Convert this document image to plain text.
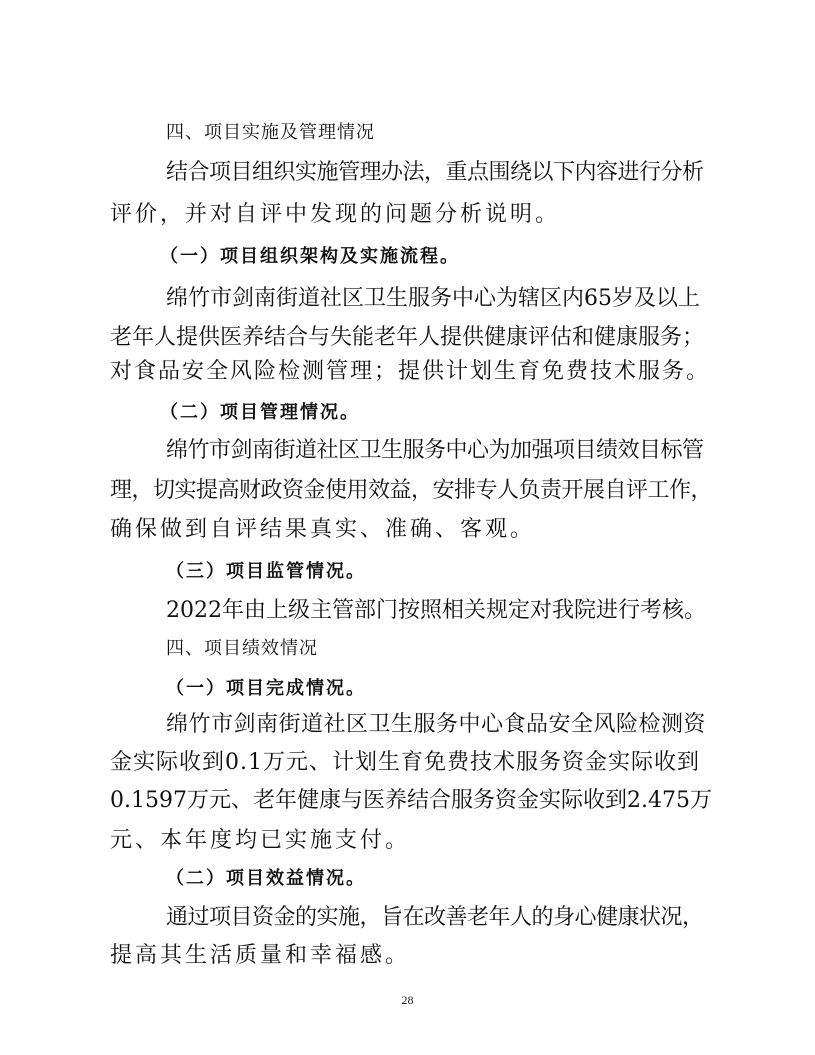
四、项目实施及管理情况
结合项目组织实施管理办法，重点围绕以下内容进行分析
评价，并对自评中发现的问题分析说明。
（一）项目组织架构及实施流程。
绵竹市剑南街道社区卫生服务中心为辖区内65岁及以上
老年人提供医养结合与失能老年人提供健康评估和健康服务；
对食品安全风险检测管理；提供计划生育免费技术服务。
（二）项目管理情况。
绵竹市剑南街道社区卫生服务中心为加强项目绩效目标管
理，切实提高财政资金使用效益，安排专人负责开展自评工作，
确保做到自评结果真实、准确、客观。
（三）项目监管情况。
2022年由上级主管部门按照相关规定对我院进行考核。
四、项目绩效情况
（一）项目完成情况。
绵竹市剑南街道社区卫生服务中心食品安全风险检测资
金实际收到0.1万元、计划生育免费技术服务资金实际收到
0.1597万元、老年健康与医养结合服务资金实际收到2.475万
元、本年度均已实施支付。
（二）项目效益情况。
通过项目资金的实施，旨在改善老年人的身心健康状况，
提高其生活质量和幸福感。
28
